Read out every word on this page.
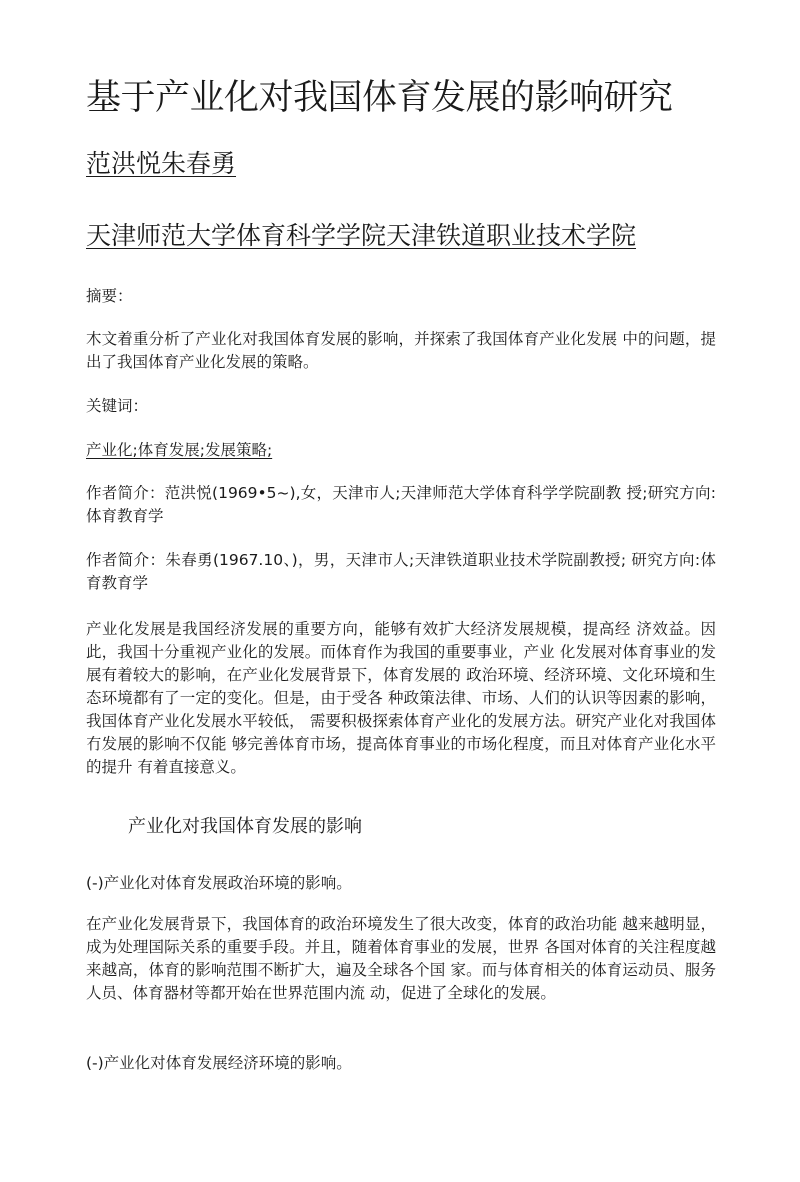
基于产业化对我国体育发展的影响研究

范洪悦朱春勇

天津师范大学体育科学学院天津铁道职业技术学院

摘要：

木文着重分析了产业化对我国体育发展的影响，并探索了我国体育产业化发展 中的问题，提出了我国体育产业化发展的策略。

关键词：

产业化;体育发展;发展策略;

作者简介：范洪悦(1969•5~),女，天津市人;天津师范大学体育科学学院副教 授;研究方向:体育教育学

作者简介：朱春勇(1967.10、)，男，天津市人;天津铁道职业技术学院副教授; 研究方向:体育教育学

产业化发展是我国经济发展的重要方向，能够有效扩大经济发展规模，提高经 济效益。因此，我国十分重视产业化的发展。而体育作为我国的重要事业，产业 化发展对体育事业的发展有着较大的影响，在产业化发展背景下，体育发展的 政治环境、经济环境、文化环境和生态环境都有了一定的变化。但是，由于受各 种政策法律、市场、人们的认识等因素的影响，我国体育产业化发展水平较低， 需要积极探索体育产业化的发展方法。研究产业化对我国体冇发展的影响不仅能 够完善体育市场，提高体育事业的市场化程度，而且对体育产业化水平的提升 有着直接意义。

产业化对我国体育发展的影响

(-)产业化对体育发展政治环境的影响。

在产业化发展背景下，我国体育的政治环境发生了很大改变，体育的政治功能 越来越明显，成为处理国际关系的重要手段。并且，随着体育事业的发展，世界 各国对体育的关注程度越来越高，体育的影响范围不断扩大，遍及全球各个国 家。而与体育相关的体育运动员、服务人员、体育器材等都开始在世界范围内流 动，促进了全球化的发展。

(-)产业化对体育发展经济环境的影响。
